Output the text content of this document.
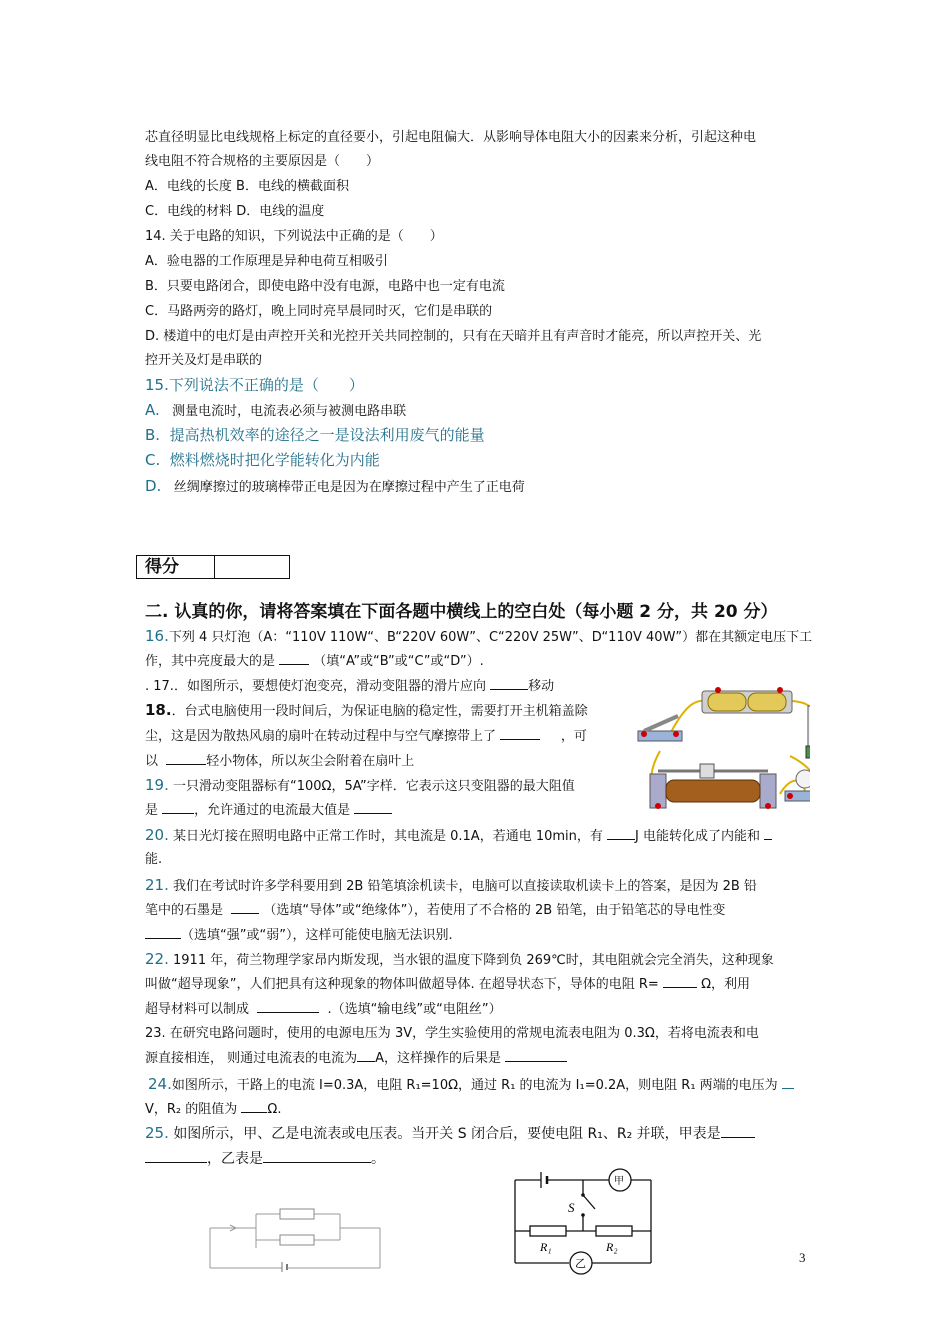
芯直径明显比电线规格上标定的直径要小，引起电阻偏大．从影响导体电阻大小的因素来分析，引起这种电
线电阻不符合规格的主要原因是（　　）
A．电线的长度 B．电线的横截面积
C．电线的材料 D．电线的温度
14. 关于电路的知识，下列说法中正确的是（　　）
A．验电器的工作原理是异种电荷互相吸引
B．只要电路闭合，即使电路中没有电源，电路中也一定有电流
C．马路两旁的路灯，晚上同时亮早晨同时灭，它们是串联的
D. 楼道中的电灯是由声控开关和光控开关共同控制的，只有在天暗并且有声音时才能亮，所以声控开关、光
控开关及灯是串联的
15.下列说法不正确的是（　　）
A. 测量电流时，电流表必须与被测电路串联
B. 提高热机效率的途径之一是设法利用废气的能量
C. 燃料燃烧时把化学能转化为内能
D. 丝绸摩擦过的玻璃棒带正电是因为在摩擦过程中产生了正电荷
得分
二. 认真的你，请将答案填在下面各题中横线上的空白处（每小题 2 分，共 20 分）
16.下列 4 只灯泡（A：“110V 110W“、B“220V 60W”、C“220V 25W”、D“110V 40W”）都在其额定电压下工
作，其中亮度最大的是	（填“A”或“B”或“C”或“D”）.
. 17.．如图所示，要想使灯泡变亮，滑动变阻器的滑片应向	移动
18.．台式电脑使用一段时间后，为保证电脑的稳定性，需要打开主机箱盖除
尘，这是因为散热风扇的扇叶在转动过程中与空气摩擦带上了	，可
以	轻小物体，所以灰尘会附着在扇叶上
19. 一只滑动变阻器标有“100Ω，5A”字样．它表示这只变阻器的最大阻值
是	，允许通过的电流最大值是
20. 某日光灯接在照明电路中正常工作时，其电流是 0.1A，若通电 10min，有 J 电能转化成了内能和
能.
21. 我们在考试时许多学科要用到 2B 铅笔填涂机读卡，电脑可以直接读取机读卡上的答案，是因为 2B 铅
笔中的石墨是	（选填“导体”或“绝缘体”），若使用了不合格的 2B 铅笔，由于铅笔芯的导电性变
（选填“强”或“弱”），这样可能使电脑无法识别.
22. 1911 年，荷兰物理学家昂内斯发现，当水银的温度下降到负 269℃时，其电阻就会完全消失，这种现象
叫做“超导现象”，人们把具有这种现象的物体叫做超导体. 在超导状态下，导体的电阻 R=	Ω，利用
超导材料可以制成	.（选填“输电线”或“电阻丝”）
23. 在研究电路问题时，使用的电源电压为 3V，学生实验使用的常规电流表电阻为 0.3Ω，若将电流表和电
源直接相连， 则通过电流表的电流为 A，这样操作的后果是
24.如图所示，干路上的电流 I=0.3A，电阻 R₁=10Ω，通过 R₁ 的电流为 I₁=0.2A，则电阻 R₁ 两端的电压为
V，R₂ 的阻值为 Ω.
25. 如图所示，甲、乙是电流表或电压表。当开关 S 闭合后，要使电阻 R₁、R₂ 并联，甲表是
，乙表是	。
S
R₁	R₂
甲
乙	3
